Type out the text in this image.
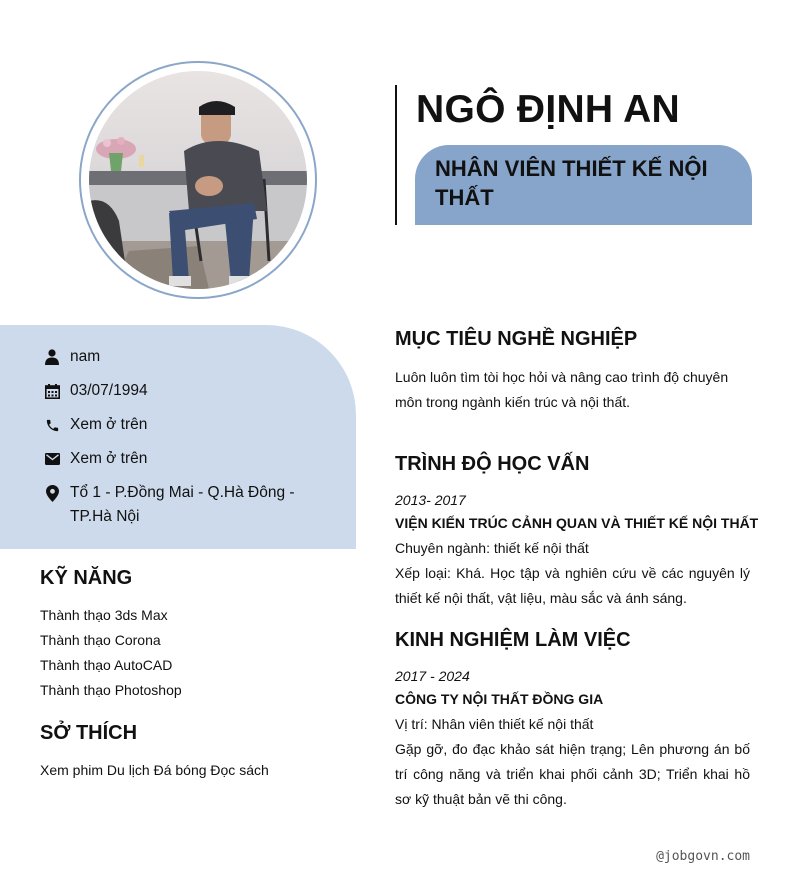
NGÔ ĐỊNH AN
NHÂN VIÊN THIẾT KẾ NỘI THẤT
nam
03/07/1994
Xem ở trên
Xem ở trên
Tổ 1 - P.Đồng Mai - Q.Hà Đông - TP.Hà Nội
KỸ NĂNG
Thành thạo 3ds Max
Thành thạo Corona
Thành thạo AutoCAD
Thành thạo Photoshop
SỞ THÍCH
Xem phim Du lịch Đá bóng Đọc sách
MỤC TIÊU NGHỀ NGHIỆP
Luôn luôn tìm tòi học hỏi và nâng cao trình độ chuyên môn trong ngành kiến trúc và nội thất.
TRÌNH ĐỘ HỌC VẤN
2013- 2017
VIỆN KIẾN TRÚC CẢNH QUAN VÀ THIẾT KẾ NỘI THẤT
Chuyên ngành: thiết kế nội thất
Xếp loại: Khá. Học tập và nghiên cứu về các nguyên lý thiết kế nội thất, vật liệu, màu sắc và ánh sáng.
KINH NGHIỆM LÀM VIỆC
2017 - 2024
CÔNG TY NỘI THẤT ĐỒNG GIA
Vị trí: Nhân viên thiết kế nội thất
Gặp gỡ, đo đạc khảo sát hiện trạng; Lên phương án bố trí công năng và triển khai phối cảnh 3D; Triển khai hồ sơ kỹ thuật bản vẽ thi công.
@jobgovn.com
